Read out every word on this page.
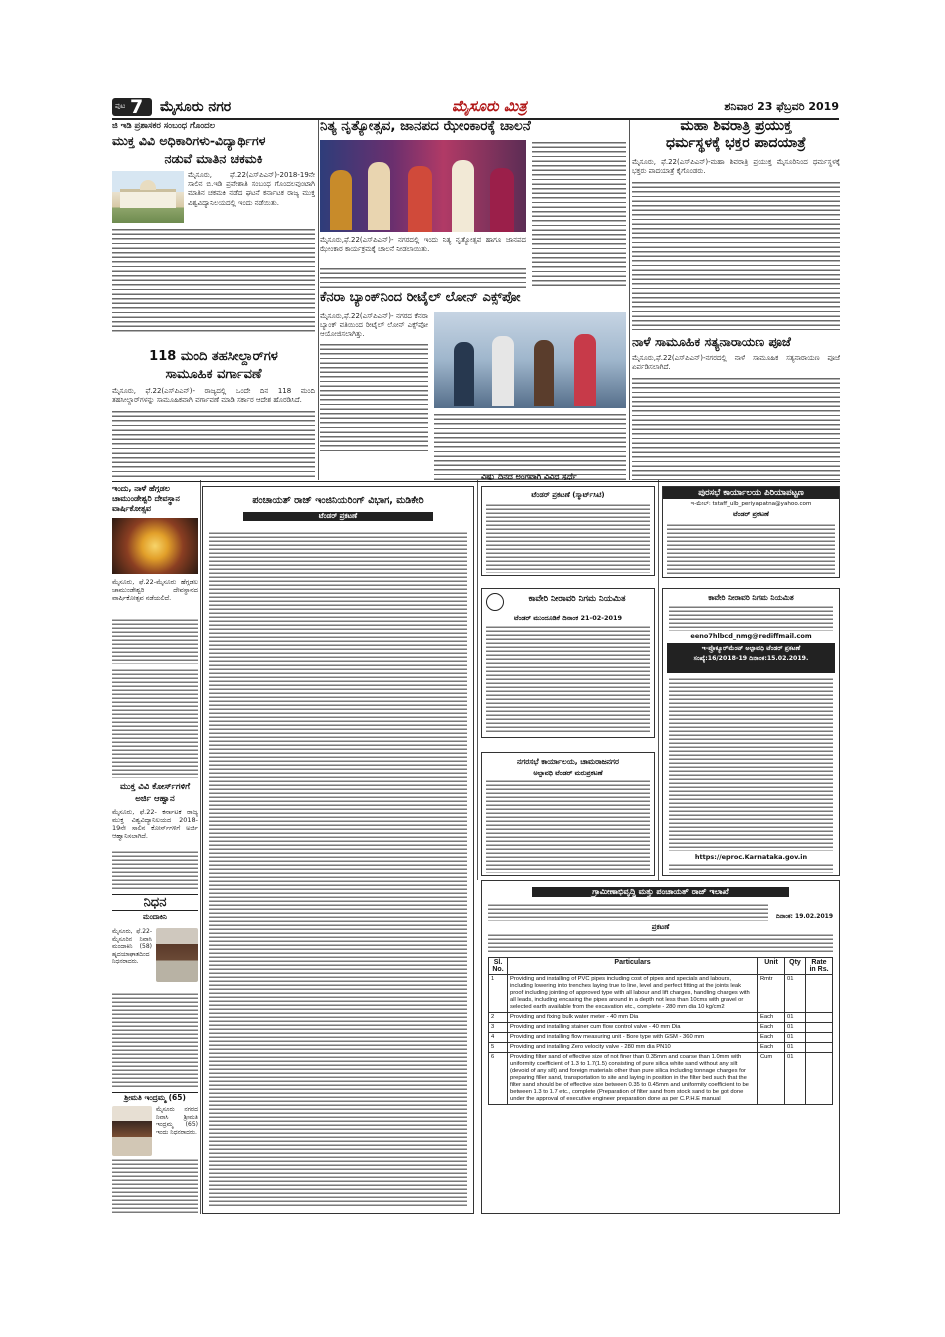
ಪುಟ 7 ಮೈಸೂರು ನಗರ	ಮೈಸೂರು ಮಿತ್ರ	ಶನಿವಾರ 23 ಫೆಬ್ರವರಿ 2019
ಜಿ ಇಡಿ ಪ್ರಶಾಸಕರ ಸಂಬಂಧ ಗೊಂದಲ
ಮುಕ್ತ ವಿವಿ ಅಧಿಕಾರಿಗಳು-ವಿದ್ಯಾರ್ಥಿಗಳ
ನಡುವೆ ಮಾತಿನ ಚಕಮಕಿ
ಮೈಸೂರು, ಫೆ.22(ಎಸ್‌ಪಿಎನ್)-2018-19ನೇ ಸಾಲಿನ ಬಿ.ಇಡಿ ಪ್ರವೇಶಾತಿ ಸಂಬಂಧ ಗೊಂದಲವುಂಟಾಗಿ ಮಾತಿನ ಚಕಮಕಿ ನಡೆದ ಘಟನೆ ಕರ್ನಾಟಕ ರಾಜ್ಯ ಮುಕ್ತ ವಿಶ್ವವಿದ್ಯಾನಿಲಯದಲ್ಲಿ ಇಂದು ನಡೆಯಿತು.
118 ಮಂದಿ ತಹಸೀಲ್ದಾರ್‌ಗಳ
ಸಾಮೂಹಿಕ ವರ್ಗಾವಣೆ
ಮೈಸೂರು, ಫೆ.22(ಎಸ್‌ಪಿಎನ್)- ರಾಜ್ಯದಲ್ಲಿ ಒಂದೇ ದಿನ 118 ಮಂದಿ ತಹಸೀಲ್ದಾರ್‌ಗಳನ್ನು ಸಾಮೂಹಿಕವಾಗಿ ವರ್ಗಾವಣೆ ಮಾಡಿ ಸರ್ಕಾರ ಆದೇಶ ಹೊರಡಿಸಿದೆ.
ನಿತ್ಯ ನೃತ್ಯೋತ್ಸವ, ಜಾನಪದ ಝೇಂಕಾರಕ್ಕೆ ಚಾಲನೆ
ಮೈಸೂರು,ಫೆ.22(ಎಸ್‌ಪಿಎನ್)- ನಗರದಲ್ಲಿ ಇಂದು ನಿತ್ಯ ನೃತ್ಯೋತ್ಸವ ಹಾಗೂ ಜಾನಪದ ಝೇಂಕಾರ ಕಾರ್ಯಕ್ರಮಕ್ಕೆ ಚಾಲನೆ ನೀಡಲಾಯಿತು.
ಕೆನರಾ ಬ್ಯಾಂಕ್‌ನಿಂದ ರೀಟೈಲ್ ಲೋನ್ ಎಕ್ಸ್‌ಪೋ
ಮೈಸೂರು,ಫೆ.22(ಎಸ್‌ಪಿಎನ್)- ನಗರದ ಕೆನರಾ ಬ್ಯಾಂಕ್ ವತಿಯಿಂದ ರೀಟೈಲ್ ಲೋನ್ ಎಕ್ಸ್‌ಪೋ ಆಯೋಜಿಸಲಾಗಿತ್ತು.
ಮಹಾ ಶಿವರಾತ್ರಿ ಪ್ರಯುಕ್ತ
ಧರ್ಮಸ್ಥಳಕ್ಕೆ ಭಕ್ತರ ಪಾದಯಾತ್ರೆ
ಮೈಸೂರು, ಫೆ.22(ಎಸ್‌ಪಿಎನ್)-ಮಹಾ ಶಿವರಾತ್ರಿ ಪ್ರಯುಕ್ತ ಮೈಸೂರಿನಿಂದ ಧರ್ಮಸ್ಥಳಕ್ಕೆ ಭಕ್ತರು ಪಾದಯಾತ್ರೆ ಕೈಗೊಂಡರು.
ನಾಳೆ ಸಾಮೂಹಿಕ ಸತ್ಯನಾರಾಯಣ ಪೂಜೆ
ಮೈಸೂರು,ಫೆ.22(ಎಸ್‌ಪಿಎನ್)-ನಗರದಲ್ಲಿ ನಾಳೆ ಸಾಮೂಹಿಕ ಸತ್ಯನಾರಾಯಣ ಪೂಜೆ ಏರ್ಪಡಿಸಲಾಗಿದೆ.
ಇಂದು, ನಾಳೆ ಹೆಗ್ಗಡಲ
ಚಾಮುಂಡೇಶ್ವರಿ ದೇವಸ್ಥಾನ
ವಾರ್ಷಿಕೋತ್ಸವ
ಮೈಸೂರು, ಫೆ.22-ಮೈಸೂರು ಹೆಗ್ಗಡಲ ಚಾಮುಂಡೇಶ್ವರಿ ದೇವಸ್ಥಾನದ ವಾರ್ಷಿಕೋತ್ಸವ ನಡೆಯಲಿದೆ.
ಮುಕ್ತ ವಿವಿ ಕೋರ್ಸ್‌ಗಳಿಗೆ
ಅರ್ಜಿ ಆಹ್ವಾನ
ಮೈಸೂರು, ಫೆ.22- ಕರ್ನಾಟಕ ರಾಜ್ಯ ಮುಕ್ತ ವಿಶ್ವವಿದ್ಯಾನಿಲಯದ 2018-19ನೇ ಸಾಲಿನ ಕೋರ್ಸ್‌ಗಳಿಗೆ ಅರ್ಜಿ ಆಹ್ವಾನಿಸಲಾಗಿದೆ.
ನಿಧನ
ಮಂದಾಕಿನಿ
ಮೈಸೂರು, ಫೆ.22-ಮೈಸೂರಿನ ನಿವಾಸಿ ಮಂದಾಕಿನಿ (58) ಹೃದಯಾಘಾತದಿಂದ ನಿಧನರಾದರು.
ಶ್ರೀಮತಿ ಇಂದ್ರಮ್ಮ (65)
ಮೈಸೂರು ನಗರದ ನಿವಾಸಿ ಶ್ರೀಮತಿ ಇಂದ್ರಮ್ಮ (65) ಇಂದು ನಿಧನರಾದರು.
ಪಂಚಾಯತ್ ರಾಜ್ ಇಂಜಿನಿಯರಿಂಗ್ ವಿಭಾಗ, ಮಡಿಕೇರಿ
ಟೆಂಡರ್ ಪ್ರಕಟಣೆ
ಟೆಂಡರ್ ಪ್ರಕಟಣೆ (ಸ್ಮಾರ್ಟ್‌ಸಿಟಿ)
ಕಾವೇರಿ ನೀರಾವರಿ ನಿಗಮ ನಿಯಮಿತ
ಟೆಂಡರ್ ಮುಂದೂಡಿಕೆ ದಿನಾಂಕ 21-02-2019
ನಗರಸಭೆ ಕಾರ್ಯಾಲಯ, ಚಾಮರಾಜನಗರ
ಅಲ್ಪಾವಧಿ ಟೆಂಡರ್ ಮರುಪ್ರಕಟಣೆ
ಪುರಸಭೆ ಕಾರ್ಯಾಲಯ ಪಿರಿಯಾಪಟ್ಟಣ
ಇ-ಮೇಲ್: tstaff_ulb_periyapatna@yahoo.com
ಟೆಂಡರ್ ಪ್ರಕಟಣೆ
ಕಾವೇರಿ ನೀರಾವರಿ ನಿಗಮ ನಿಯಮಿತ
eeno7hlbcd_nmg@rediffmail.com
ಇ-ಪ್ರೊಕ್ಯೂರ್‌ಮೆಂಟ್ ಅಲ್ಪಾವಧಿ ಟೆಂಡರ್ ಪ್ರಕಟಣೆ
ಸಂಖ್ಯೆ:16/2018-19 ದಿನಾಂಕ:15.02.2019.
https://eproc.Karnataka.gov.in
ಗ್ರಾಮೀಣಾಭಿವೃದ್ಧಿ ಮತ್ತು ಪಂಚಾಯತ್ ರಾಜ್ ಇಲಾಖೆ
ದಿನಾಂಕ: 19.02.2019
ಪ್ರಕಟಣೆ
Sl. No.	Particulars	Unit	Qty	Rate in Rs.
1	Providing and installing of PVC pipes including cost of pipes and specials and labours, including lowering into trenches laying true to line, level and perfect fitting at the joints leak proof including jointing of approved type with all labour and lift charges, handling charges with all leads, including encasing the pipes around in a depth not less than 10cms with gravel or selected earth available from the excavation etc., complete - 280 mm dia 10 kg/cm2	Rmtr	01	
2	Providing and fixing bulk water meter - 40 mm Dia	Each	01	
3	Providing and installing stainer cum flow control valve - 40 mm Dia	Each	01	
4	Providing and installing flow measuring unit - Bore type with GSM - 360 mm	Each	01	
5	Providing and installing Zero velocity valve - 280 mm dia PN10	Each	01	
6	Providing filter sand of effective size of not finer than 0.35mm and coarse than 1.0mm with uniformity coefficient of 1.3 to 1.7(1.5) consisting of pure silica white sand without any silt (devoid of any silt) and foreign materials other than pure silica including tonnage charges for preparing filler sand, transportation to site and laying in position in the filter bed such that the filter sand should be of effective size between 0.35 to 0.45mm and uniformity coefficient to be between 1.3 to 1.7 etc., complete (Preparation of filter sand from stock sand to be got done under the approval of executive engineer preparation done as per C.P.H.E manual	Cum	01	
ವಿಷ್ಣು ದಿನದ ಅಂಗವಾಗಿ ವಿವಿಧ ಸ್ಪರ್ಧೆ
